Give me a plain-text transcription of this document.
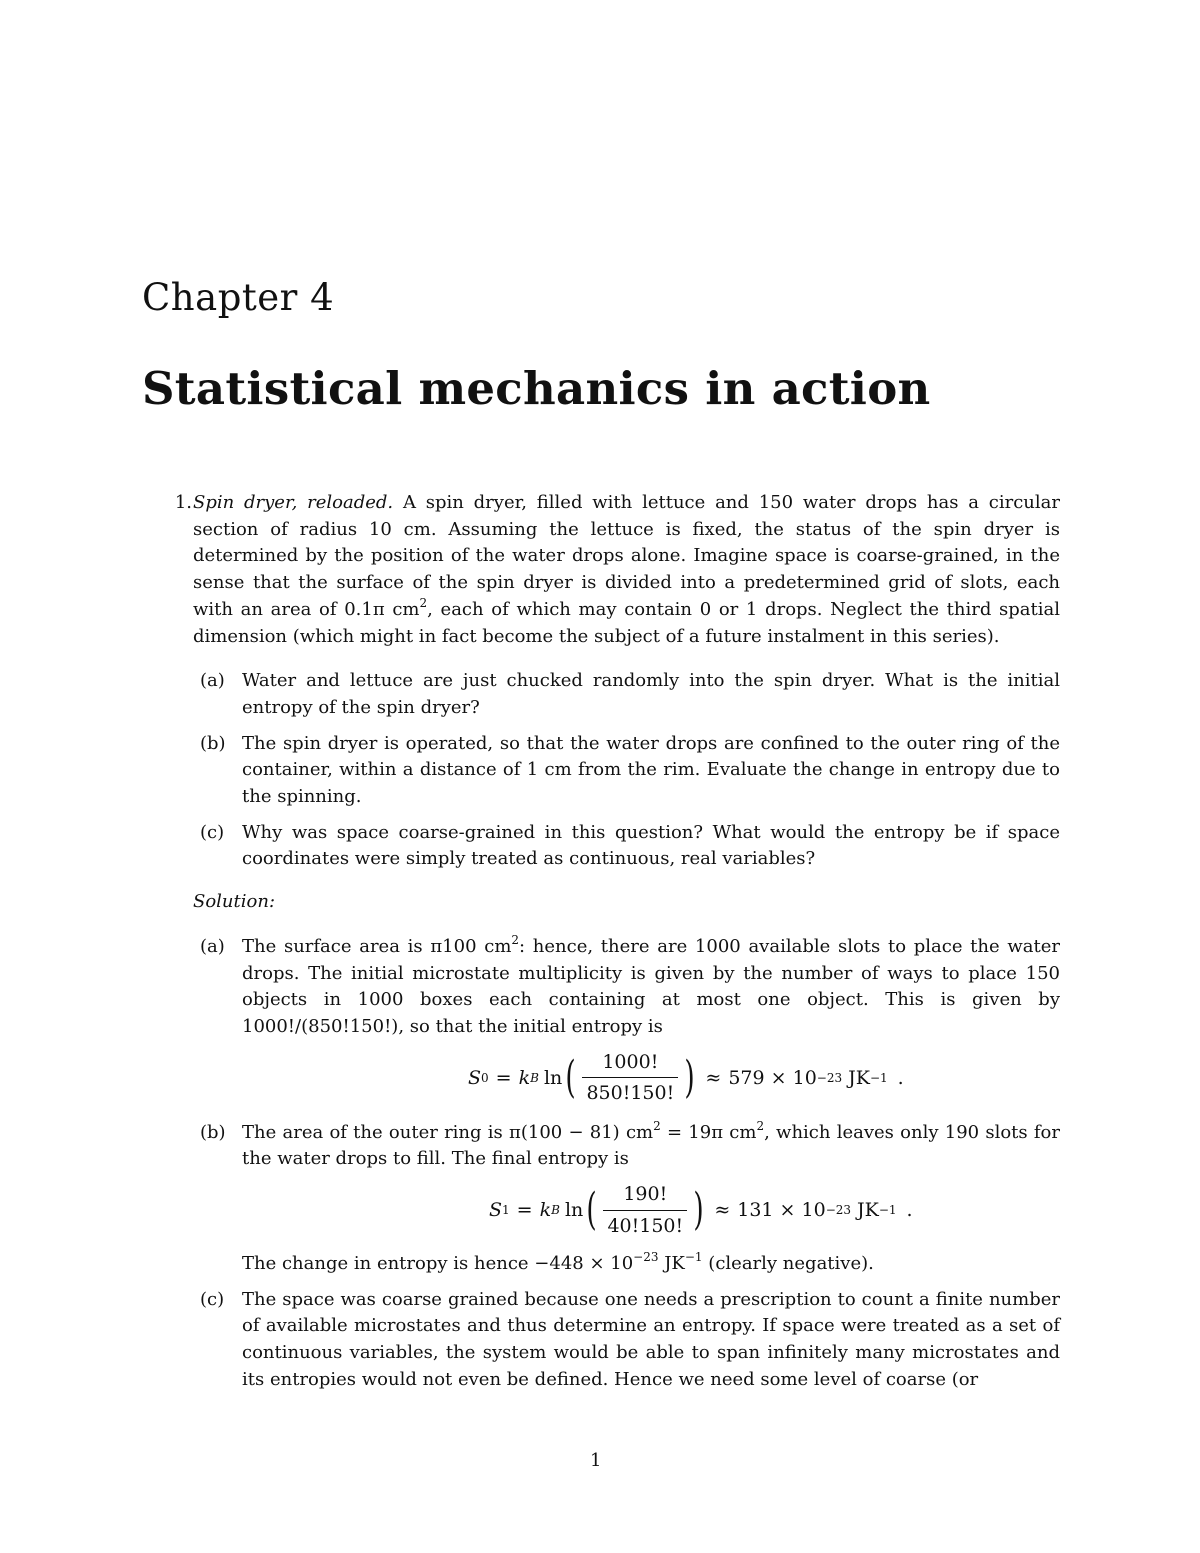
Chapter 4
Statistical mechanics in action
1. Spin dryer, reloaded. A spin dryer, filled with lettuce and 150 water drops has a circular section of radius 10 cm. Assuming the lettuce is fixed, the status of the spin dryer is determined by the position of the water drops alone. Imagine space is coarse-grained, in the sense that the surface of the spin dryer is divided into a predetermined grid of slots, each with an area of 0.1π $cm^2$, each of which may contain 0 or 1 drops. Neglect the third spatial dimension (which might in fact become the subject of a future instalment in this series).
(a) Water and lettuce are just chucked randomly into the spin dryer. What is the initial entropy of the spin dryer?
(b) The spin dryer is operated, so that the water drops are confined to the outer ring of the container, within a distance of 1 cm from the rim. Evaluate the change in entropy due to the spinning.
(c) Why was space coarse-grained in this question? What would the entropy be if space coordinates were simply treated as continuous, real variables?
Solution:
(a) The surface area is π100 $cm^2$: hence, there are 1000 available slots to place the water drops. The initial microstate multiplicity is given by the number of ways to place 150 objects in 1000 boxes each containing at most one object. This is given by 1000!/(850!150!), so that the initial entropy is
S 0 = k B ln ( $\frac{1000!}{850!150!}$ ) ≈ 579 × 10 −23 JK −1 .
(b) The area of the outer ring is π(100 − 81) $cm^2 = 19\pi$ $cm^2$, which leaves only 190 slots for the water drops to fill. The final entropy is
S 1 = k B ln ( $\frac{190!}{40!150!}$ ) ≈ 131 × 10 −23 JK −1 .
The change in entropy is hence $-448 \times 10^{-23}$ $JK^{-1}$ (clearly negative).
(c) The space was coarse grained because one needs a prescription to count a finite number of available microstates and thus determine an entropy. If space were treated as a set of continuous variables, the system would be able to span infinitely many microstates and its entropies would not even be defined. Hence we need some level of coarse (or
1
